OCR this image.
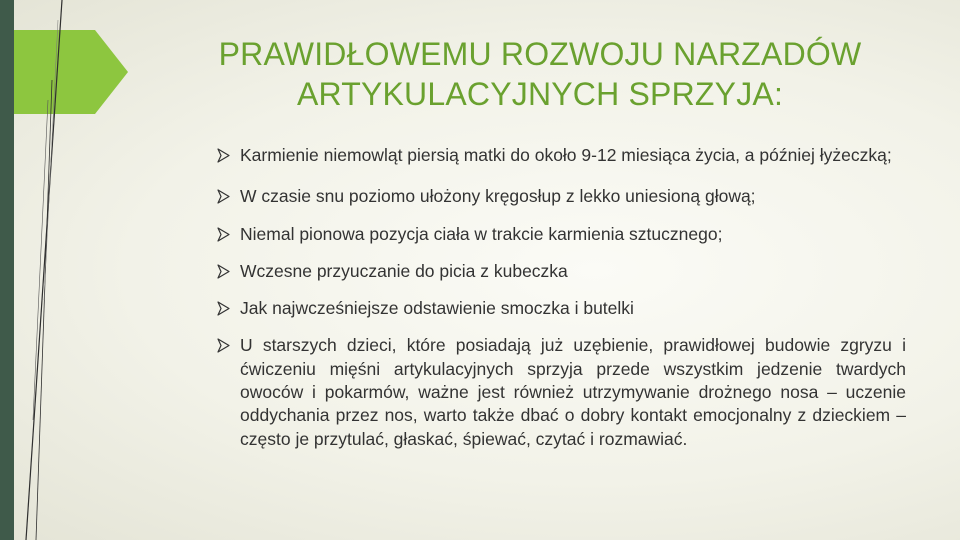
PRAWIDŁOWEMU ROZWOJU NARZADÓW
ARTYKULACYJNYCH SPRZYJA:
Karmienie niemowląt piersią matki do około 9-12 miesiąca życia, a później łyżeczką;
W czasie snu poziomo ułożony kręgosłup z lekko uniesioną głową;
Niemal pionowa pozycja ciała w trakcie karmienia sztucznego;
Wczesne przyuczanie do picia z kubeczka
Jak najwcześniejsze odstawienie smoczka i butelki
U starszych dzieci, które posiadają już uzębienie, prawidłowej budowie zgryzu i ćwiczeniu mięśni artykulacyjnych sprzyja przede wszystkim jedzenie twardych owoców i pokarmów, ważne jest również utrzymywanie drożnego nosa – uczenie oddychania przez nos, warto także dbać o dobry kontakt emocjonalny z dzieckiem – często je przytulać, głaskać, śpiewać, czytać i rozmawiać.
